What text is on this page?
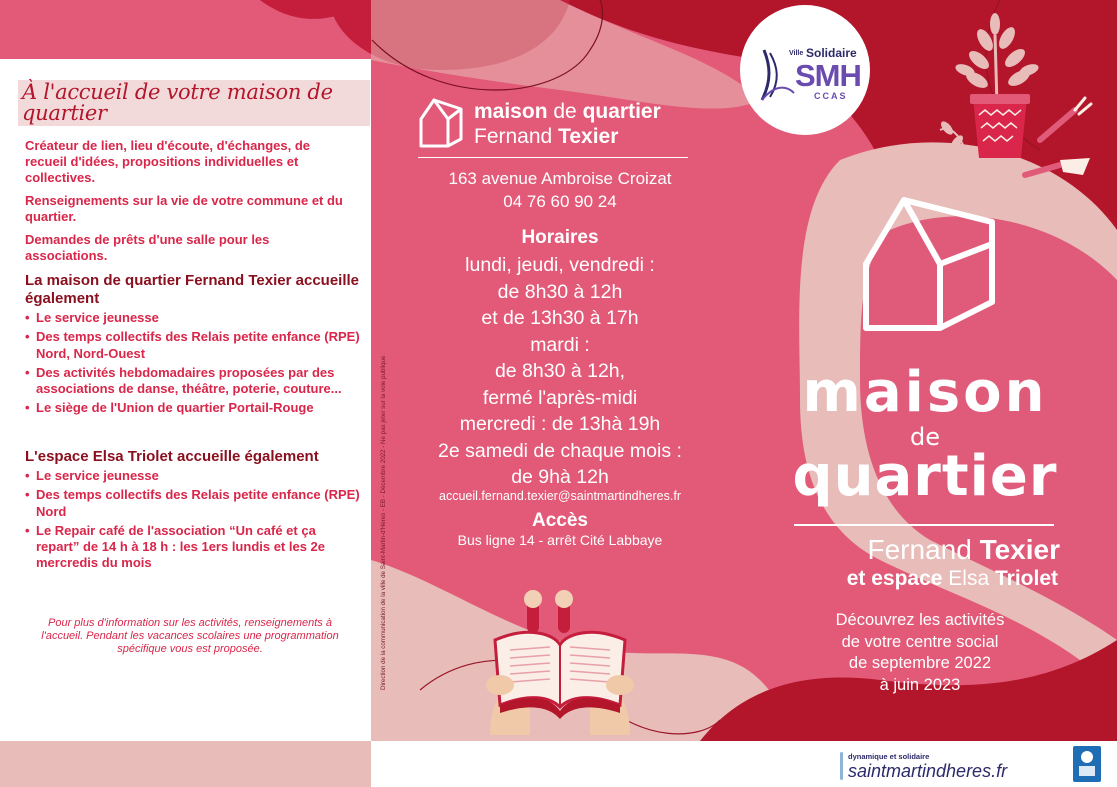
À l'accueil de votre maison de quartier

Créateur de lien, lieu d'écoute, d'échanges, de recueil d'idées, propositions individuelles et collectives.

Renseignements sur la vie de votre commune et du quartier.

Demandes de prêts d'une salle pour les associations.

La maison de quartier Fernand Texier accueille également

• Le service jeunesse
• Des temps collectifs des Relais petite enfance (RPE) Nord, Nord-Ouest
• Des activités hebdomadaires proposées par des associations de danse, théâtre, poterie, couture...
• Le siège de l'Union de quartier Portail-Rouge

L'espace Elsa Triolet accueille également

• Le service jeunesse
• Des temps collectifs des Relais petite enfance (RPE) Nord
• Le Repair café de l'association “Un café et ça repart” de 14 h à 18 h : les 1ers lundis et les 2e mercredis du mois
Pour plus d'information sur les activités, renseignements à l'accueil. Pendant les vacances scolaires une programmation spécifique vous est proposée.	Direction de la communication de la ville de Saint-Martin-d'Hères - EB - Décembre 2022 - Ne pas jeter sur la voie publique
maison de quartier
Fernand Texier
163 avenue Ambroise Croizat
04 76 60 90 24
Horaires
lundi, jeudi, vendredi :
de 8h30 à 12h
et de 13h30 à 17h
mardi :
de 8h30 à 12h,
fermé l'après-midi
mercredi : de 13hà 19h
2e samedi de chaque mois :
de 9hà 12h
accueil.fernand.texier@saintmartindheres.fr
Accès
Bus ligne 14 - arrêt Cité Labbaye
Ville Solidaire
SMH
CCAS
maison
de
quartier
Fernand Texier
et espace Elsa Triolet
Découvrez les activités
de votre centre social
de septembre 2022
à juin 2023
dynamique et solidaire
saintmartindheres.fr
